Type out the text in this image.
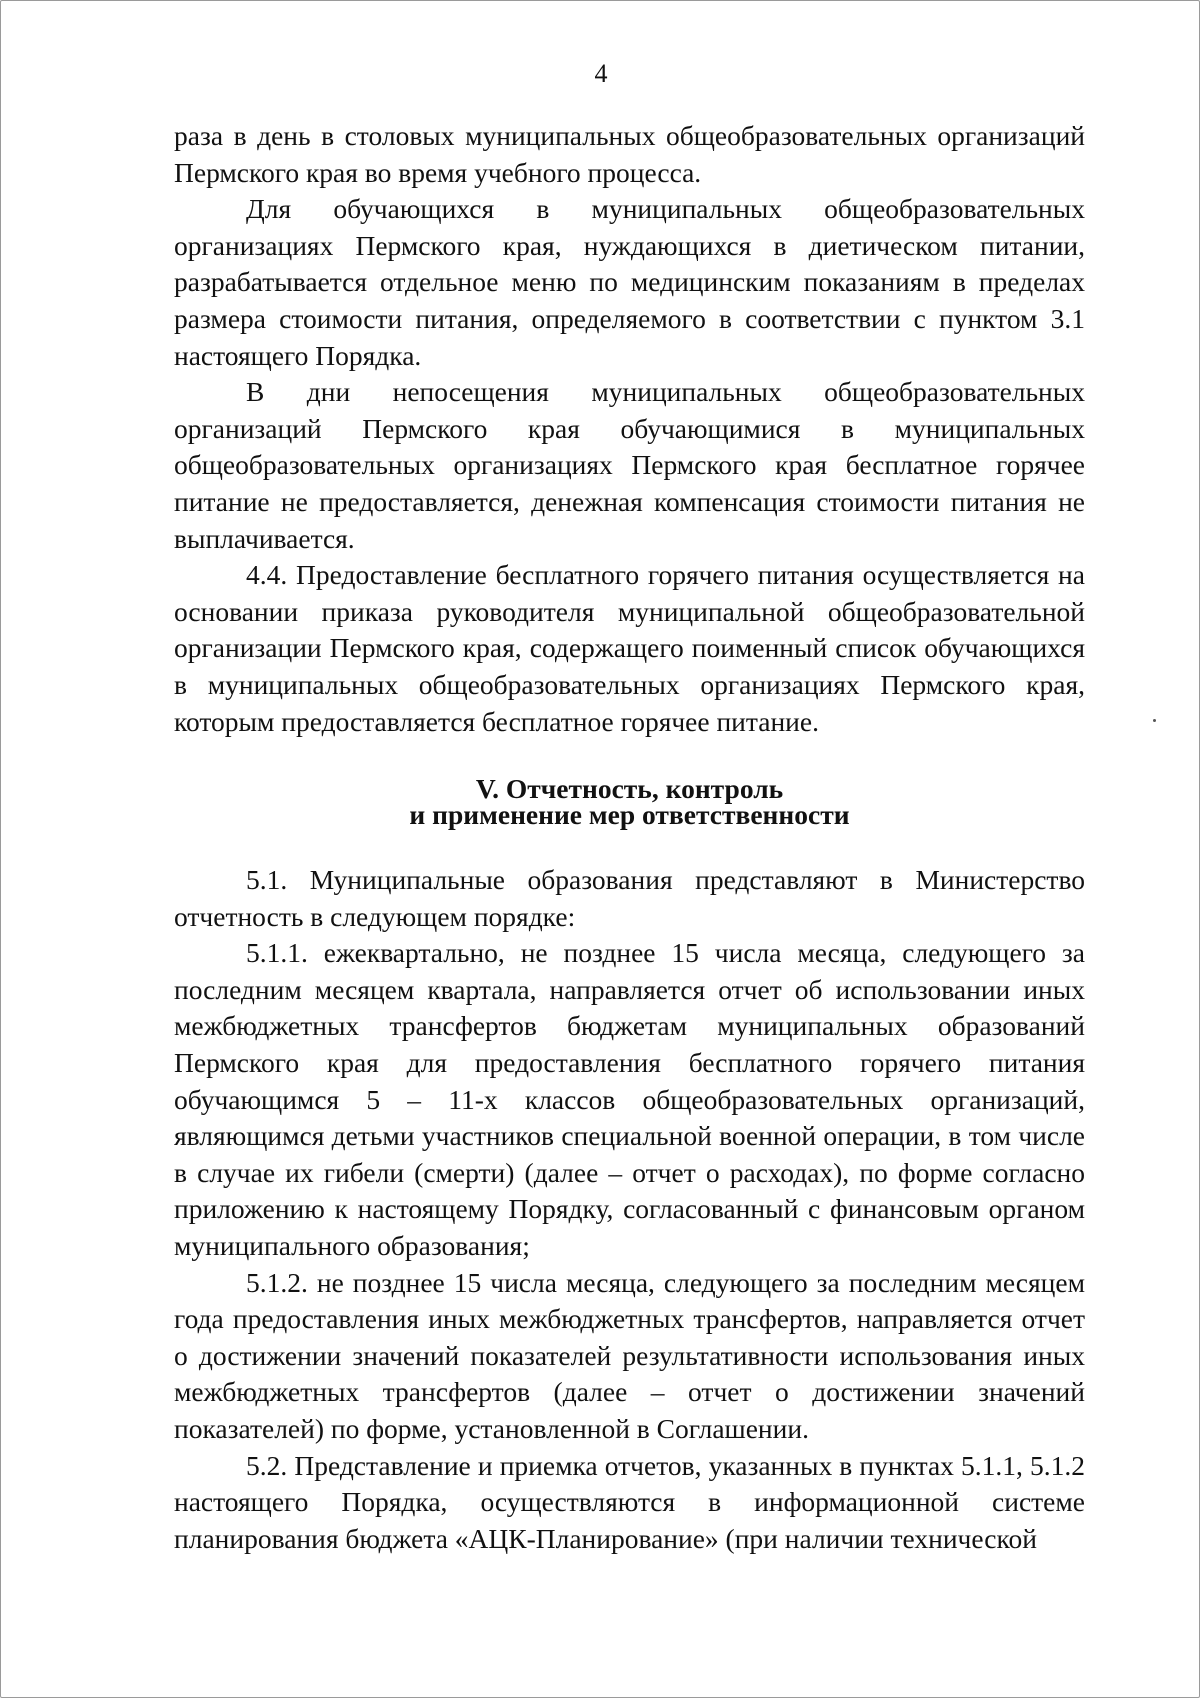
4

раза в день в столовых муниципальных общеобразовательных организаций Пермского края во время учебного процесса.

Для обучающихся в муниципальных общеобразовательных организациях Пермского края, нуждающихся в диетическом питании, разрабатывается отдельное меню по медицинским показаниям в пределах размера стоимости питания, определяемого в соответствии с пунктом 3.1 настоящего Порядка.

В дни непосещения муниципальных общеобразовательных организаций Пермского края обучающимися в муниципальных общеобразовательных организациях Пермского края бесплатное горячее питание не предоставляется, денежная компенсация стоимости питания не выплачивается.

4.4. Предоставление бесплатного горячего питания осуществляется на основании приказа руководителя муниципальной общеобразовательной организации Пермского края, содержащего поименный список обучающихся в муниципальных общеобразовательных организациях Пермского края, которым предоставляется бесплатное горячее питание.

V. Отчетность, контроль
и применение мер ответственности

5.1. Муниципальные образования представляют в Министерство отчетность в следующем порядке:

5.1.1. ежеквартально, не позднее 15 числа месяца, следующего за последним месяцем квартала, направляется отчет об использовании иных межбюджетных трансфертов бюджетам муниципальных образований Пермского края для предоставления бесплатного горячего питания обучающимся 5 – 11-х классов общеобразовательных организаций, являющимся детьми участников специальной военной операции, в том числе в случае их гибели (смерти) (далее – отчет о расходах), по форме согласно приложению к настоящему Порядку, согласованный с финансовым органом муниципального образования;

5.1.2. не позднее 15 числа месяца, следующего за последним месяцем года предоставления иных межбюджетных трансфертов, направляется отчет о достижении значений показателей результативности использования иных межбюджетных трансфертов (далее – отчет о достижении значений показателей) по форме, установленной в Соглашении.

5.2. Представление и приемка отчетов, указанных в пунктах 5.1.1, 5.1.2 настоящего Порядка, осуществляются в информационной системе планирования бюджета «АЦК-Планирование» (при наличии технической
